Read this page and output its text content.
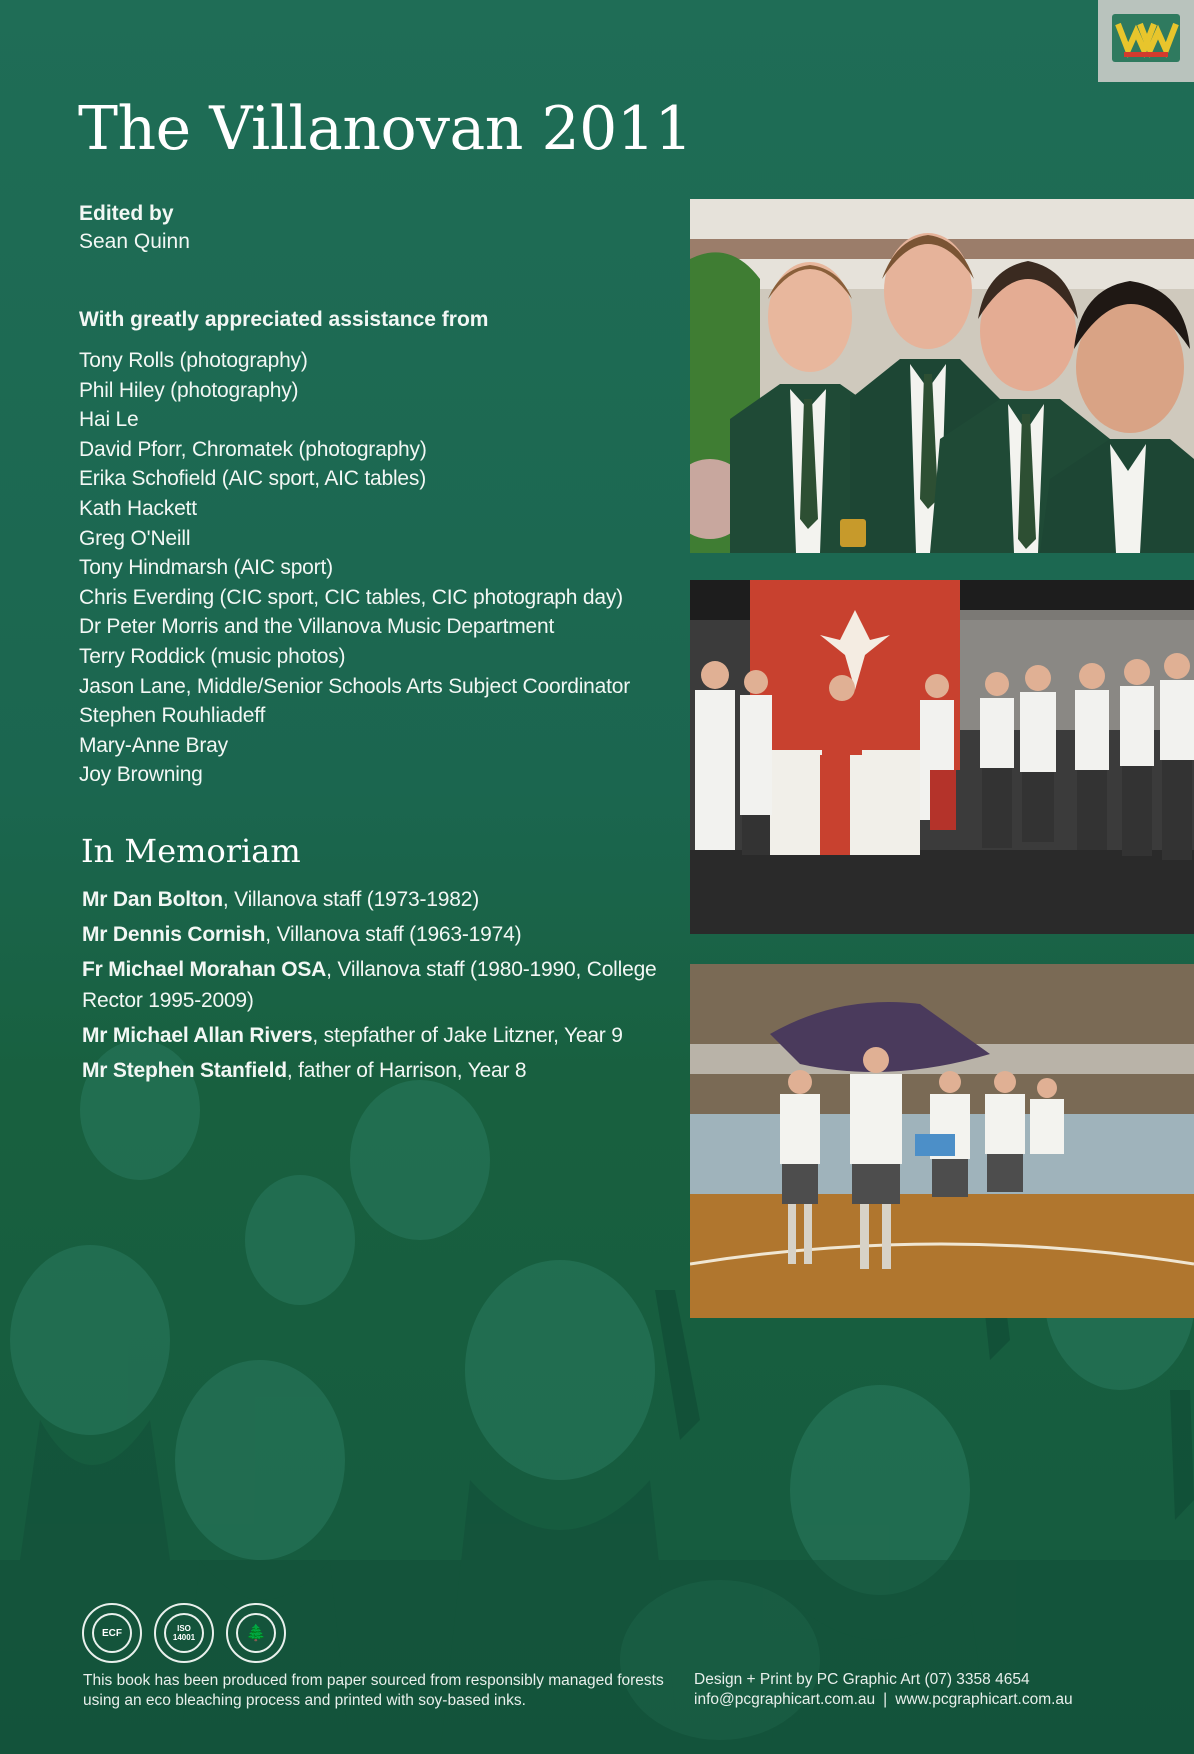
The Villanovan 2011

Edited by

Sean Quinn

With greatly appreciated assistance from

Tony Rolls (photography)
Phil Hiley (photography)
Hai Le
David Pforr, Chromatek (photography)
Erika Schofield (AIC sport, AIC tables)
Kath Hackett
Greg O'Neill
Tony Hindmarsh (AIC sport)
Chris Everding (CIC sport, CIC tables, CIC photograph day)
Dr Peter Morris and the Villanova Music Department
Terry Roddick (music photos)
Jason Lane, Middle/Senior Schools Arts Subject Coordinator
Stephen Rouhliadeff
Mary-Anne Bray
Joy Browning
In Memoriam
Mr Dan Bolton, Villanova staff (1973-1982)
Mr Dennis Cornish, Villanova staff (1963-1974)
Fr Michael Morahan OSA, Villanova staff (1980-1990, College Rector 1995-2009)
Mr Michael Allan Rivers, stepfather of Jake Litzner, Year 9
Mr Stephen Stanfield, father of Harrison, Year 8
ECF	ISO 14001	🌲
This book has been produced from paper sourced from responsibly managed forests using an eco bleaching process and printed with soy-based inks.
Design + Print by PC Graphic Art (07) 3358 4654
info@pcgraphicart.com.au | www.pcgraphicart.com.au
